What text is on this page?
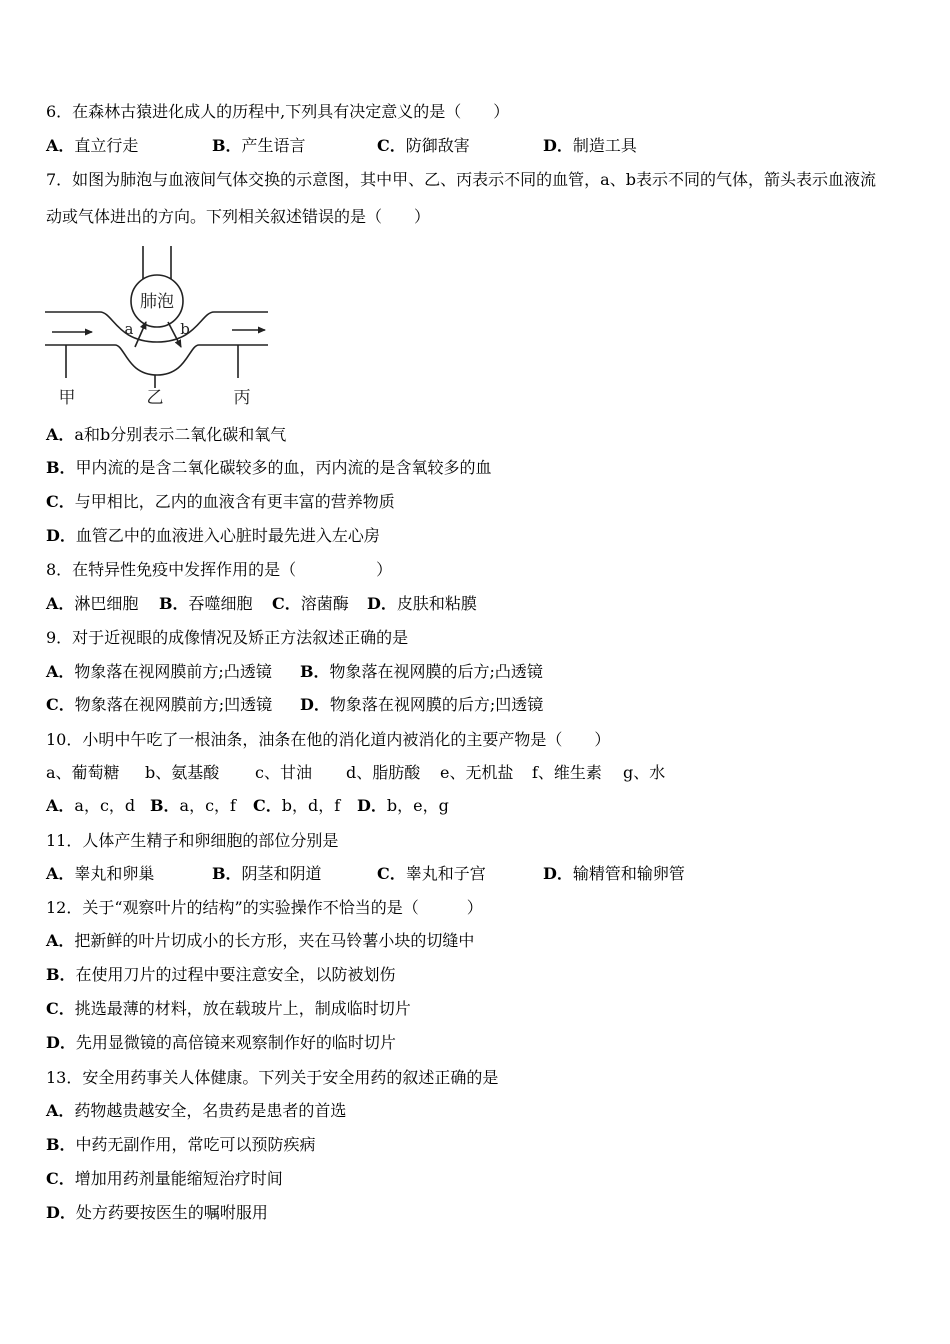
6．在森林古猿进化成人的历程中,下列具有决定意义的是（　　）
A．直立行走	B．产生语言	C．防御敌害	D．制造工具
7．如图为肺泡与血液间气体交换的示意图，其中甲、乙、丙表示不同的血管，a、b表示不同的气体，箭头表示血液流
动或气体进出的方向。下列相关叙述错误的是（　　）
肺泡
a	b
甲	乙	丙
A．a和b分别表示二氧化碳和氧气
B．甲内流的是含二氧化碳较多的血，丙内流的是含氧较多的血
C．与甲相比，乙内的血液含有更丰富的营养物质
D．血管乙中的血液进入心脏时最先进入左心房
8．在特异性免疫中发挥作用的是（　　　　　）
A．淋巴细胞 B．吞噬细胞 C．溶菌酶 D．皮肤和粘膜
9．对于近视眼的成像情况及矫正方法叙述正确的是
A．物象落在视网膜前方;凸透镜 B．物象落在视网膜的后方;凸透镜
C．物象落在视网膜前方;凹透镜 D．物象落在视网膜的后方;凹透镜
10．小明中午吃了一根油条，油条在他的消化道内被消化的主要产物是（　　）
a、葡萄糖 b、氨基酸 c、甘油 d、脂肪酸 e、无机盐 f、维生素 g、水
A．a，c，d B．a，c，f C．b，d，f D．b，e，g
11．人体产生精子和卵细胞的部位分别是
A．睾丸和卵巢	B．阴茎和阴道	C．睾丸和子宫	D．输精管和输卵管
12．关于“观察叶片的结构”的实验操作不恰当的是（　　　）
A．把新鲜的叶片切成小的长方形，夹在马铃薯小块的切缝中
B．在使用刀片的过程中要注意安全，以防被划伤
C．挑选最薄的材料，放在载玻片上，制成临时切片
D．先用显微镜的高倍镜来观察制作好的临时切片
13．安全用药事关人体健康。下列关于安全用药的叙述正确的是
A．药物越贵越安全，名贵药是患者的首选
B．中药无副作用，常吃可以预防疾病
C．增加用药剂量能缩短治疗时间
D．处方药要按医生的嘱咐服用
